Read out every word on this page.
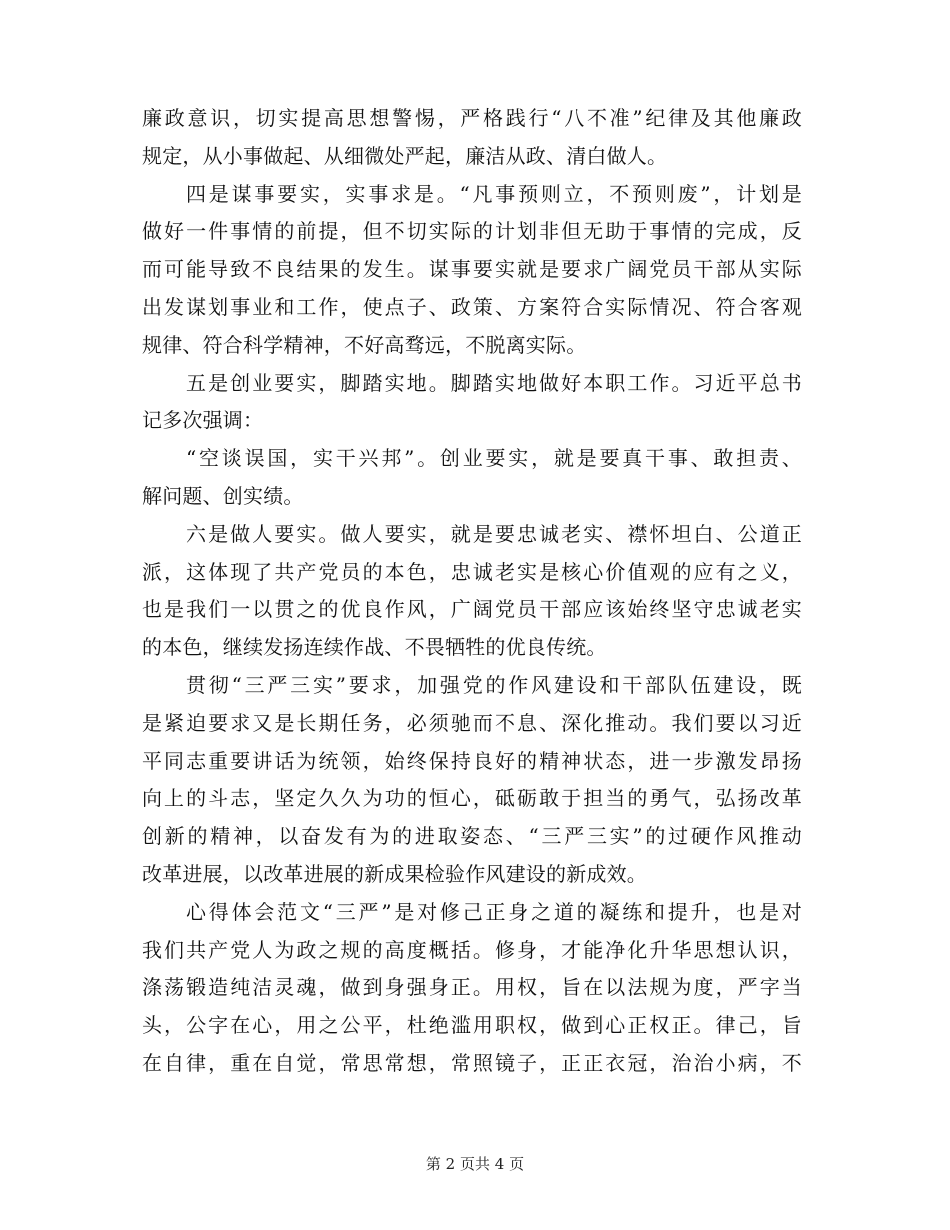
廉政意识，切实提高思想警惕，严格践行“八不准”纪律及其他廉政
规定，从小事做起、从细微处严起，廉洁从政、清白做人。
四是谋事要实，实事求是。“凡事预则立，不预则废”，计划是
做好一件事情的前提，但不切实际的计划非但无助于事情的完成，反
而可能导致不良结果的发生。谋事要实就是要求广阔党员干部从实际
出发谋划事业和工作，使点子、政策、方案符合实际情况、符合客观
规律、符合科学精神，不好高骛远，不脱离实际。
五是创业要实，脚踏实地。脚踏实地做好本职工作。习近平总书
记多次强调：
“空谈误国，实干兴邦”。创业要实，就是要真干事、敢担责、
解问题、创实绩。
六是做人要实。做人要实，就是要忠诚老实、襟怀坦白、公道正
派，这体现了共产党员的本色，忠诚老实是核心价值观的应有之义，
也是我们一以贯之的优良作风，广阔党员干部应该始终坚守忠诚老实
的本色，继续发扬连续作战、不畏牺牲的优良传统。
贯彻“三严三实”要求，加强党的作风建设和干部队伍建设，既
是紧迫要求又是长期任务，必须驰而不息、深化推动。我们要以习近
平同志重要讲话为统领，始终保持良好的精神状态，进一步激发昂扬
向上的斗志，坚定久久为功的恒心，砥砺敢于担当的勇气，弘扬改革
创新的精神，以奋发有为的进取姿态、“三严三实”的过硬作风推动
改革进展，以改革进展的新成果检验作风建设的新成效。
心得体会范文“三严”是对修己正身之道的凝练和提升，也是对
我们共产党人为政之规的高度概括。修身，才能净化升华思想认识，
涤荡锻造纯洁灵魂，做到身强身正。用权，旨在以法规为度，严字当
头，公字在心，用之公平，杜绝滥用职权，做到心正权正。律己，旨
在自律，重在自觉，常思常想，常照镜子，正正衣冠，治治小病，不
第 2 页共 4 页
